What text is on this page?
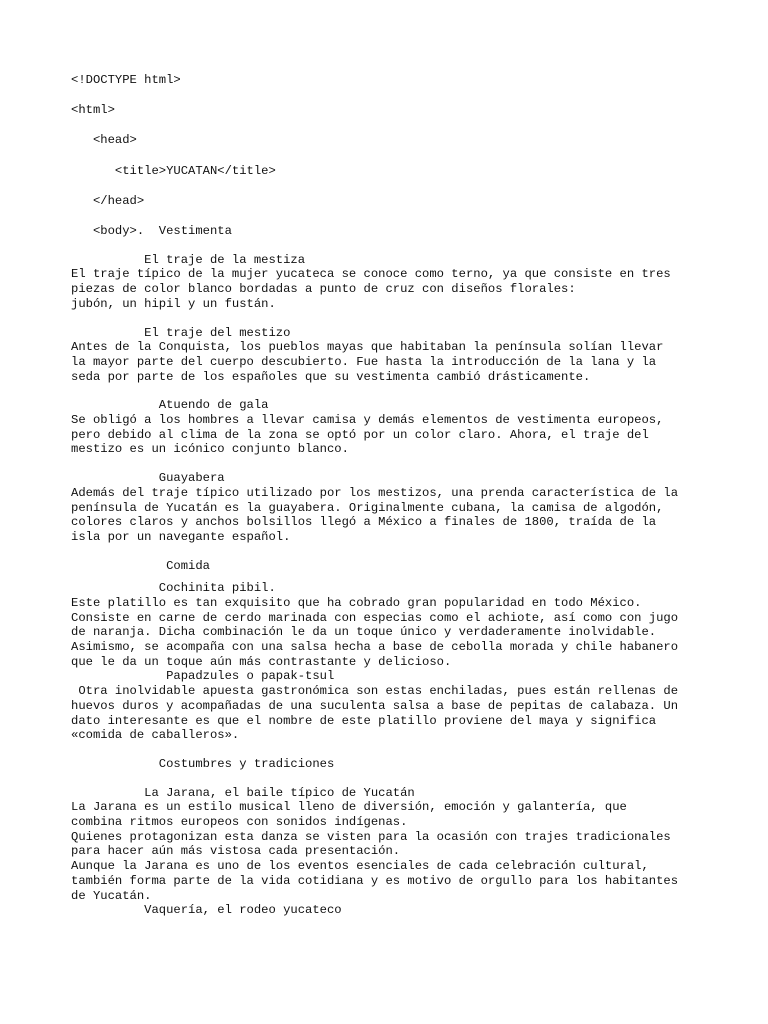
<!DOCTYPE html>
<html>
<head>
<title>YUCATAN</title>
</head>
<body>.  Vestimenta
El traje de la mestiza
El traje típico de la mujer yucateca se conoce como terno, ya que consiste en tres
piezas de color blanco bordadas a punto de cruz con diseños florales:
jubón, un hipil y un fustán.
El traje del mestizo
Antes de la Conquista, los pueblos mayas que habitaban la península solían llevar
la mayor parte del cuerpo descubierto. Fue hasta la introducción de la lana y la
seda por parte de los españoles que su vestimenta cambió drásticamente.
Atuendo de gala
Se obligó a los hombres a llevar camisa y demás elementos de vestimenta europeos,
pero debido al clima de la zona se optó por un color claro. Ahora, el traje del
mestizo es un icónico conjunto blanco.
Guayabera
Además del traje típico utilizado por los mestizos, una prenda característica de la
península de Yucatán es la guayabera. Originalmente cubana, la camisa de algodón,
colores claros y anchos bolsillos llegó a México a finales de 1800, traída de la
isla por un navegante español.
Comida
Cochinita pibil.
Este platillo es tan exquisito que ha cobrado gran popularidad en todo México.
Consiste en carne de cerdo marinada con especias como el achiote, así como con jugo
de naranja. Dicha combinación le da un toque único y verdaderamente inolvidable.
Asimismo, se acompaña con una salsa hecha a base de cebolla morada y chile habanero
que le da un toque aún más contrastante y delicioso.
Papadzules o papak-tsul
Otra inolvidable apuesta gastronómica son estas enchiladas, pues están rellenas de
huevos duros y acompañadas de una suculenta salsa a base de pepitas de calabaza. Un
dato interesante es que el nombre de este platillo proviene del maya y significa
«comida de caballeros».
Costumbres y tradiciones
La Jarana, el baile típico de Yucatán
La Jarana es un estilo musical lleno de diversión, emoción y galantería, que
combina ritmos europeos con sonidos indígenas.
Quienes protagonizan esta danza se visten para la ocasión con trajes tradicionales
para hacer aún más vistosa cada presentación.
Aunque la Jarana es uno de los eventos esenciales de cada celebración cultural,
también forma parte de la vida cotidiana y es motivo de orgullo para los habitantes
de Yucatán.
Vaquería, el rodeo yucateco
